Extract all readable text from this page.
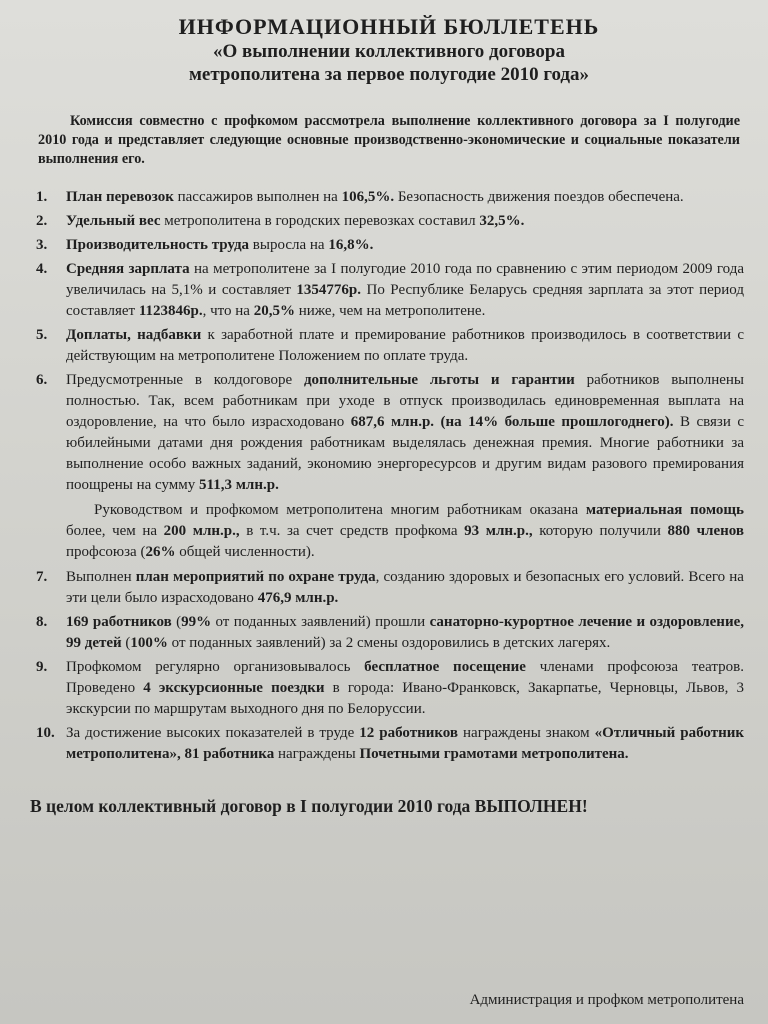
ИНФОРМАЦИОННЫЙ БЮЛЛЕТЕНЬ
«О выполнении коллективного договора
метрополитена за первое полугодие 2010 года»

Комиссия совместно с профкомом рассмотрела выполнение коллективного договора за I полугодие 2010 года и представляет следующие основные производственно-экономические и социальные показатели выполнения его.

1. План перевозок пассажиров выполнен на 106,5%. Безопасность движения поездов обеспечена.
2. Удельный вес метрополитена в городских перевозках составил 32,5%.
3. Производительность труда выросла на 16,8%.
4. Средняя зарплата на метрополитене за I полугодие 2010 года по сравнению с этим периодом 2009 года увеличилась на 5,1% и составляет 1354776р. По Республике Беларусь средняя зарплата за этот период составляет 1123846р., что на 20,5% ниже, чем на метрополитене.
5. Доплаты, надбавки к заработной плате и премирование работников производилось в соответствии с действующим на метрополитене Положением по оплате труда.
6. Предусмотренные в колдоговоре дополнительные льготы и гарантии работников выполнены полностью. Так, всем работникам при уходе в отпуск производилась единовременная выплата на оздоровление, на что было израсходовано 687,6 млн.р. (на 14% больше прошлогоднего). В связи с юбилейными датами дня рождения работникам выделялась денежная премия. Многие работники за выполнение особо важных заданий, экономию энергоресурсов и другим видам разового премирования поощрены на сумму 511,3 млн.р.

Руководством и профкомом метрополитена многим работникам оказана материальная помощь более, чем на 200 млн.р., в т.ч. за счет средств профкома 93 млн.р., которую получили 880 членов профсоюза (26% общей численности).

7. Выполнен план мероприятий по охране труда, созданию здоровых и безопасных его условий. Всего на эти цели было израсходовано 476,9 млн.р.
8. 169 работников (99% от поданных заявлений) прошли санаторно-курортное лечение и оздоровление, 99 детей (100% от поданных заявлений) за 2 смены оздоровились в детских лагерях.
9. Профкомом регулярно организовывалось бесплатное посещение членами профсоюза театров. Проведено 4 экскурсионные поездки в города: Ивано-Франковск, Закарпатье, Черновцы, Львов, 3 экскурсии по маршрутам выходного дня по Белоруссии.
10. За достижение высоких показателей в труде 12 работников награждены знаком «Отличный работник метрополитена», 81 работника награждены Почетными грамотами метрополитена.

В целом коллективный договор в I полугодии 2010 года ВЫПОЛНЕН!

Администрация и профком метрополитена
